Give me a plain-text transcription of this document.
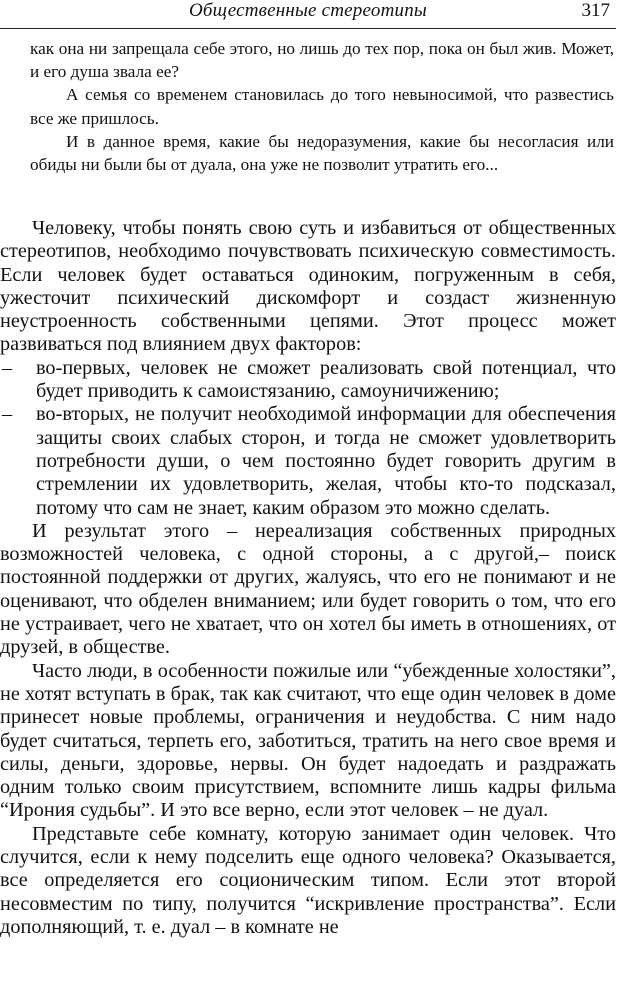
Общественные стереотипы	317

как она ни запрещала себе этого, но лишь до тех пор, пока он был жив. Может, и его душа звала ее?

А семья со временем становилась до того невыносимой, что развестись все же пришлось.

И в данное время, какие бы недоразумения, какие бы несогласия или обиды ни были бы от дуала, она уже не позволит утратить его...

Человеку, чтобы понять свою суть и избавиться от общественных стереотипов, необходимо почувствовать психическую совместимость. Если человек будет оставаться одиноким, погруженным в себя, ужесточит психический дискомфорт и создаст жизненную неустроенность собственными цепями. Этот процесс может развиваться под влиянием двух факторов:

– во-первых, человек не сможет реализовать свой потенциал, что будет приводить к самоистязанию, самоуничижению;
– во-вторых, не получит необходимой информации для обеспечения защиты своих слабых сторон, и тогда не сможет удовлетворить потребности души, о чем постоянно будет говорить другим в стремлении их удовлетворить, желая, чтобы кто-то подсказал, потому что сам не знает, каким образом это можно сделать.

И результат этого – нереализация собственных природных возможностей человека, с одной стороны, а с другой,– поиск постоянной поддержки от других, жалуясь, что его не понимают и не оценивают, что обделен вниманием; или будет говорить о том, что его не устраивает, чего не хватает, что он хотел бы иметь в отношениях, от друзей, в обществе.

Часто люди, в особенности пожилые или “убежденные холостяки”, не хотят вступать в брак, так как считают, что еще один человек в доме принесет новые проблемы, ограничения и неудобства. С ним надо будет считаться, терпеть его, заботиться, тратить на него свое время и силы, деньги, здоровье, нервы. Он будет надоедать и раздражать одним только своим присутствием, вспомните лишь кадры фильма “Ирония судьбы”. И это все верно, если этот человек – не дуал.

Представьте себе комнату, которую занимает один человек. Что случится, если к нему подселить еще одного человека? Оказывается, все определяется его соционическим типом. Если этот второй несовместим по типу, получится “искривление пространства”. Если дополняющий, т. е. дуал – в комнате не
